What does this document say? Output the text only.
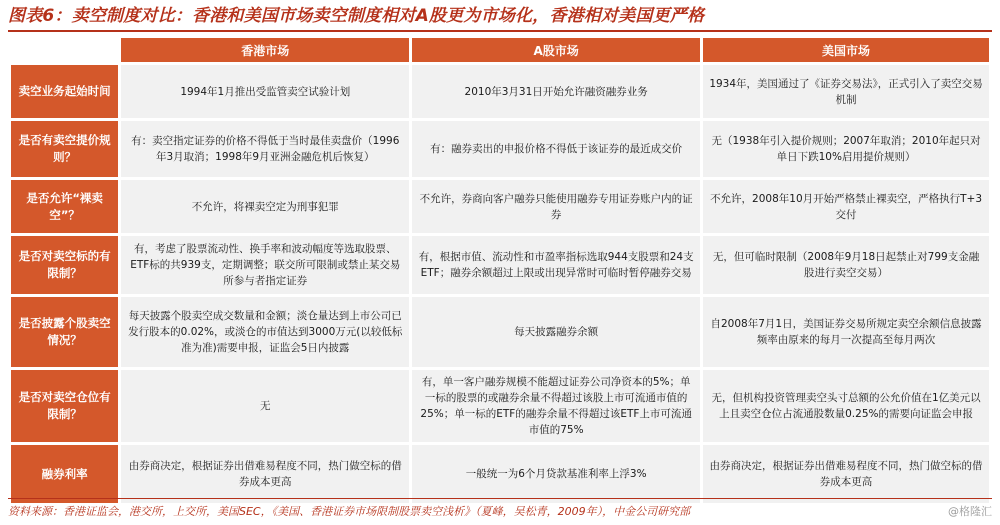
图表6：卖空制度对比：香港和美国市场卖空制度相对A股更为市场化，香港相对美国更严格
	香港市场	A股市场	美国市场
卖空业务起始时间	1994年1月推出受监管卖空试验计划	2010年3月31日开始允许融资融券业务	1934年，美国通过了《证券交易法》，正式引入了卖空交易机制
是否有卖空提价规则？	有：卖空指定证券的价格不得低于当时最佳卖盘价（1996年3月取消；1998年9月亚洲金融危机后恢复）	有：融券卖出的申报价格不得低于该证券的最近成交价	无（1938年引入提价规则；2007年取消；2010年起只对单日下跌10%启用提价规则）
是否允许“裸卖空”？	不允许，将裸卖空定为刑事犯罪	不允许，券商向客户融券只能使用融券专用证券账户内的证券	不允许，2008年10月开始严格禁止裸卖空，严格执行T+3交付
是否对卖空标的有限制？	有，考虑了股票流动性、换手率和波动幅度等选取股票、ETF标的共939支，定期调整；联交所可限制或禁止某交易所参与者指定证券	有，根据市值、流动性和市盈率指标选取944支股票和24支ETF；融券余额超过上限或出现异常时可临时暂停融券交易	无，但可临时限制（2008年9月18日起禁止对799支金融股进行卖空交易）
是否披露个股卖空情况？	每天披露个股卖空成交数量和金额；淡仓量达到上市公司已发行股本的0.02%，或淡仓的市值达到3000万元(以较低标准为准)需要申报，证监会5日内披露	每天披露融券余额	自2008年7月1日，美国证券交易所规定卖空余额信息披露频率由原来的每月一次提高至每月两次
是否对卖空仓位有限制？	无	有，单一客户融券规模不能超过证券公司净资本的5%；单一标的股票的或融券余量不得超过该股上市可流通市值的25%；单一标的ETF的融券余量不得超过该ETF上市可流通市值的75%	无，但机构投资管理卖空头寸总额的公允价值在1亿美元以上且卖空仓位占流通股数量0.25%的需要向证监会申报
融券利率	由券商决定，根据证券出借难易程度不同，热门做空标的借券成本更高	一般统一为6个月贷款基准利率上浮3%	由券商决定，根据证券出借难易程度不同，热门做空标的借券成本更高
资料来源：香港证监会，港交所，上交所，美国SEC，《美国、香港证券市场限制股票卖空浅析》（夏峰，吴松青，2009年），中金公司研究部	@格隆汇
